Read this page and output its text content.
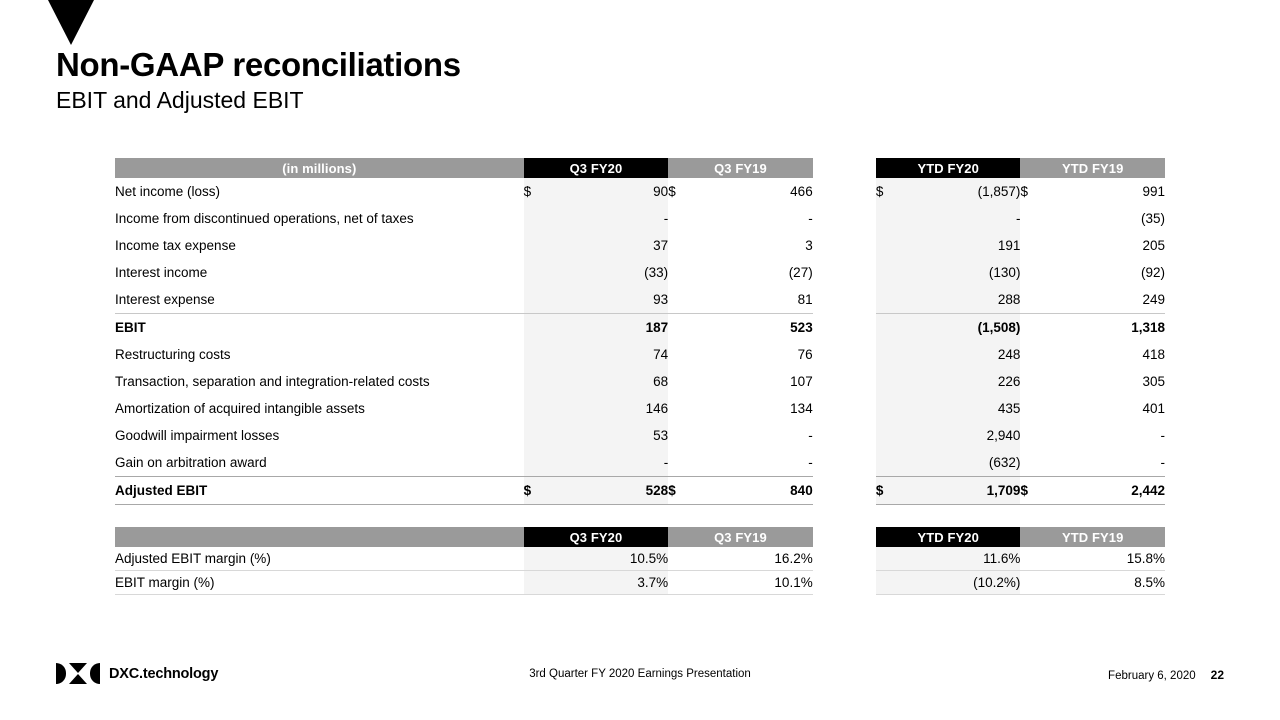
Non-GAAP reconciliations
EBIT and Adjusted EBIT
(in millions)	Q3 FY20		Q3 FY19			YTD FY20		YTD FY19	
Net income (loss)	$	90	$	466		$	(1,857)	$	991
Income from discontinued operations, net of taxes		-		-			-		(35)
Income tax expense		37		3			191		205
Interest income		(33)		(27)			(130)		(92)
Interest expense		93		81			288		249
EBIT		187		523			(1,508)		1,318
Restructuring costs		74		76			248		418
Transaction, separation and integration-related costs		68		107			226		305
Amortization of acquired intangible assets		146		134			435		401
Goodwill impairment losses		53		-			2,940		-
Gain on arbitration award		-		-			(632)		-
Adjusted EBIT	$	528	$	840		$	1,709	$	2,442
	Q3 FY20		Q3 FY19			YTD FY20		YTD FY19	
Adjusted EBIT margin (%)		10.5%		16.2%			11.6%		15.8%
EBIT margin (%)		3.7%		10.1%			(10.2%)		8.5%
DXC.technology	3rd Quarter FY 2020 Earnings Presentation	February 6, 2020 22
